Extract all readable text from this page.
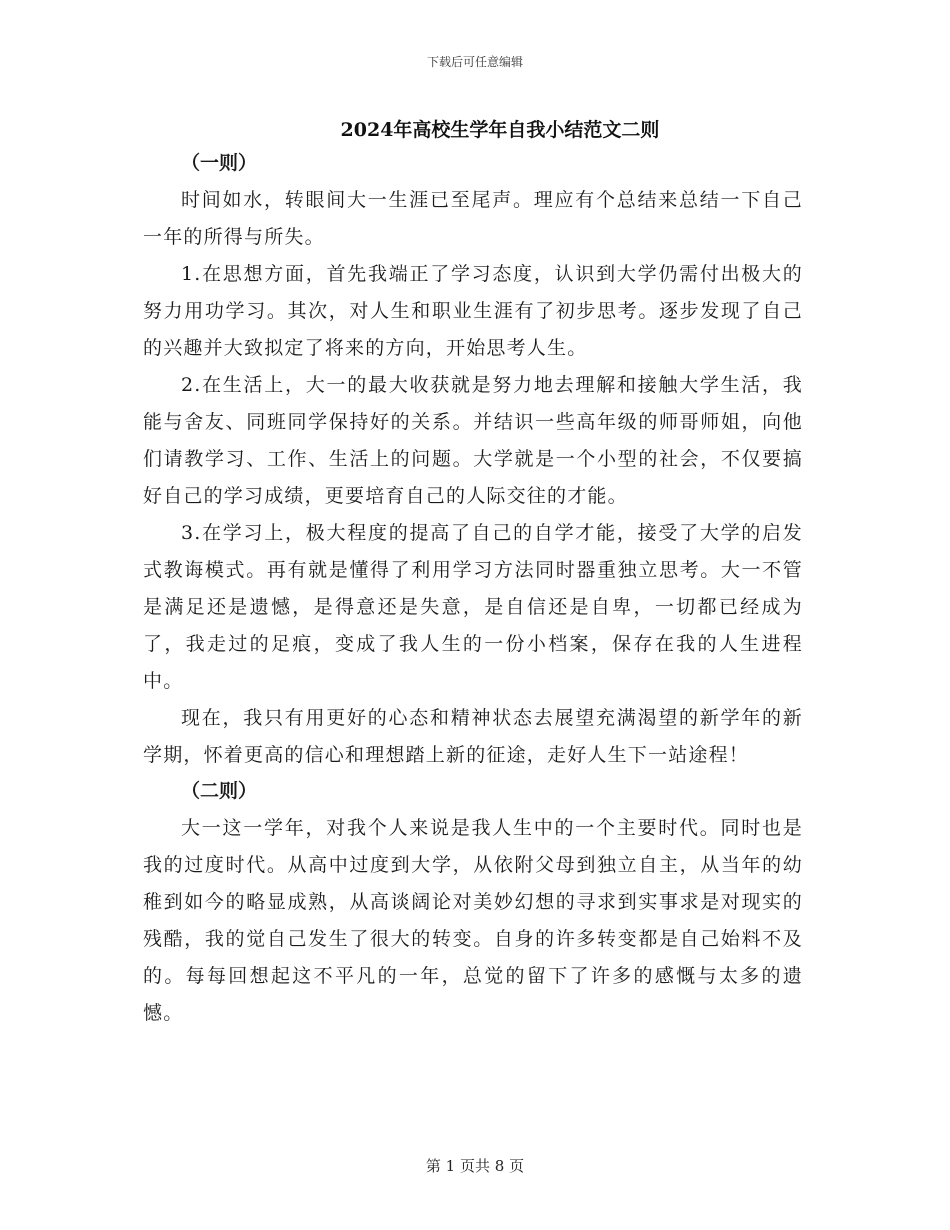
下载后可任意编辑
2024年高校生学年自我小结范文二则
（一则）

时间如水，转眼间大一生涯已至尾声。理应有个总结来总结一下自己一年的所得与所失。

1.在思想方面，首先我端正了学习态度，认识到大学仍需付出极大的努力用功学习。其次，对人生和职业生涯有了初步思考。逐步发现了自己的兴趣并大致拟定了将来的方向，开始思考人生。

2.在生活上，大一的最大收获就是努力地去理解和接触大学生活，我能与舍友、同班同学保持好的关系。并结识一些高年级的师哥师姐，向他们请教学习、工作、生活上的问题。大学就是一个小型的社会，不仅要搞好自己的学习成绩，更要培育自己的人际交往的才能。

3.在学习上，极大程度的提高了自己的自学才能，接受了大学的启发式教诲模式。再有就是懂得了利用学习方法同时器重独立思考。大一不管是满足还是遗憾，是得意还是失意，是自信还是自卑，一切都已经成为了，我走过的足痕，变成了我人生的一份小档案，保存在我的人生进程中。

现在，我只有用更好的心态和精神状态去展望充满渴望的新学年的新学期，怀着更高的信心和理想踏上新的征途，走好人生下一站途程！

（二则）

大一这一学年，对我个人来说是我人生中的一个主要时代。同时也是我的过度时代。从高中过度到大学，从依附父母到独立自主，从当年的幼稚到如今的略显成熟，从高谈阔论对美妙幻想的寻求到实事求是对现实的残酷，我的觉自己发生了很大的转变。自身的许多转变都是自己始料不及的。每每回想起这不平凡的一年，总觉的留下了许多的感慨与太多的遗憾。

第 1 页共 8 页
